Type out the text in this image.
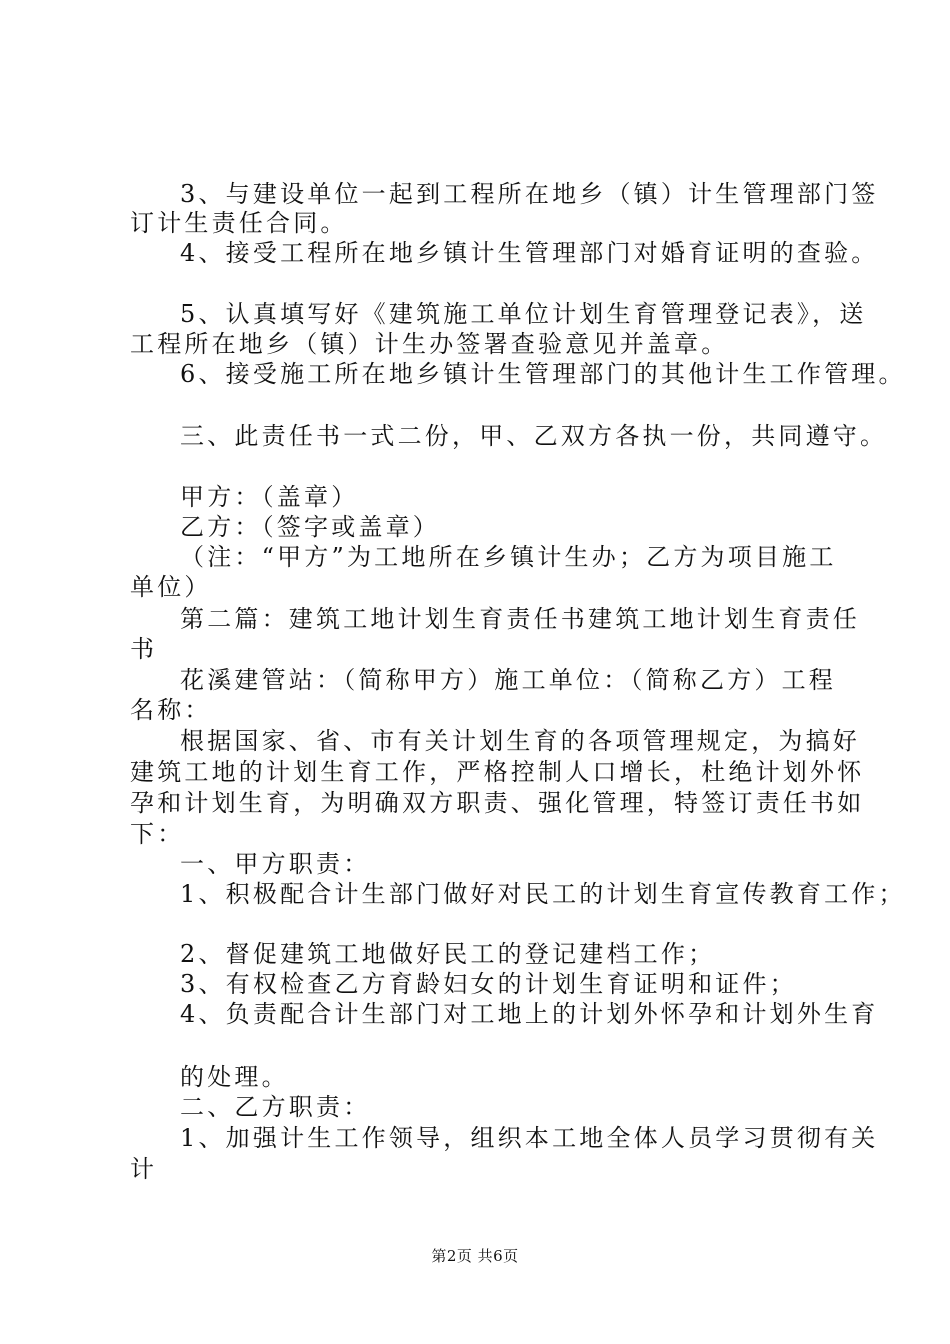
3、与建设单位一起到工程所在地乡（镇）计生管理部门签
订计生责任合同。
4、接受工程所在地乡镇计生管理部门对婚育证明的查验。
5、认真填写好《建筑施工单位计划生育管理登记表》，送
工程所在地乡（镇）计生办签署查验意见并盖章。
6、接受施工所在地乡镇计生管理部门的其他计生工作管理。
三、此责任书一式二份，甲、乙双方各执一份，共同遵守。
甲方：（盖章）
乙方：（签字或盖章）
（注：“甲方”为工地所在乡镇计生办；乙方为项目施工
单位）
第二篇：建筑工地计划生育责任书建筑工地计划生育责任
书
花溪建管站：（简称甲方）施工单位：（简称乙方）工程
名称：
根据国家、省、市有关计划生育的各项管理规定，为搞好
建筑工地的计划生育工作，严格控制人口增长，杜绝计划外怀
孕和计划生育，为明确双方职责、强化管理，特签订责任书如
下：
一、甲方职责：
1、积极配合计生部门做好对民工的计划生育宣传教育工作；
2、督促建筑工地做好民工的登记建档工作；
3、有权检查乙方育龄妇女的计划生育证明和证件；
4、负责配合计生部门对工地上的计划外怀孕和计划外生育
的处理。
二、乙方职责：
1、加强计生工作领导，组织本工地全体人员学习贯彻有关
计
第2页 共6页
